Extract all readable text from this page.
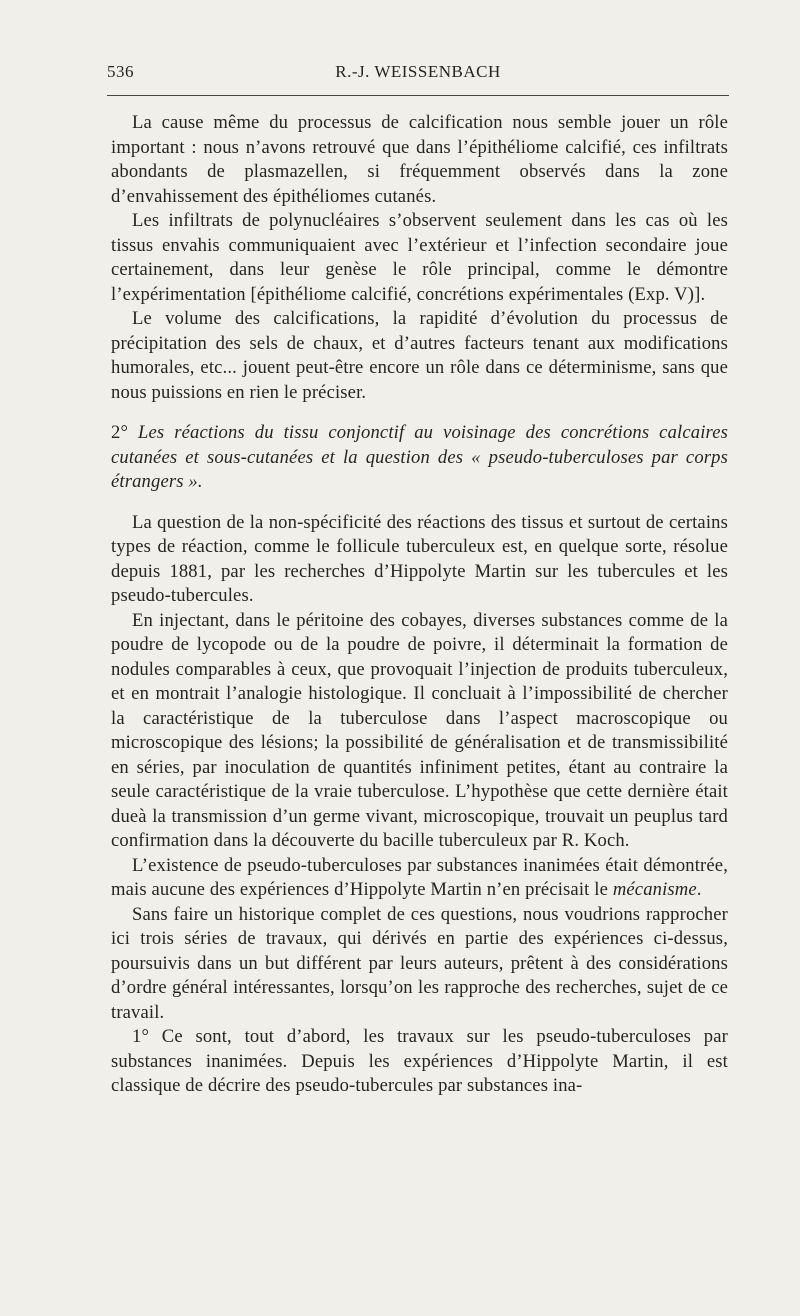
536	R.-J. WEISSENBACH

La cause même du processus de calcification nous semble jouer un rôle important : nous n’avons retrouvé que dans l’épithéliome calcifié, ces infiltrats abondants de plasmazellen, si fréquemment observés dans la zone d’envahissement des épithéliomes cutanés.

Les infiltrats de polynucléaires s’observent seulement dans les cas où les tissus envahis communiquaient avec l’extérieur et l’infection secondaire joue certainement, dans leur genèse le rôle principal, comme le démontre l’expérimentation [épithéliome calcifié, concrétions expérimentales (Exp. V)].

Le volume des calcifications, la rapidité d’évolution du processus de précipitation des sels de chaux, et d’autres facteurs tenant aux modifications humorales, etc... jouent peut-être encore un rôle dans ce déterminisme, sans que nous puissions en rien le préciser.

2° Les réactions du tissu conjonctif au voisinage des concrétions calcaires cutanées et sous-cutanées et la question des « pseudo-tuberculoses par corps étrangers ».

La question de la non-spécificité des réactions des tissus et surtout de certains types de réaction, comme le follicule tuberculeux est, en quelque sorte, résolue depuis 1881, par les recherches d’Hippolyte Martin sur les tubercules et les pseudo-tubercules.

En injectant, dans le péritoine des cobayes, diverses substances comme de la poudre de lycopode ou de la poudre de poivre, il déterminait la formation de nodules comparables à ceux, que provoquait l’injection de produits tuberculeux, et en montrait l’analogie histologique. Il concluait à l’impossibilité de chercher la caractéristique de la tuberculose dans l’aspect macroscopique ou microscopique des lésions; la possibilité de généralisation et de transmissibilité en séries, par inoculation de quantités infiniment petites, étant au contraire la seule caractéristique de la vraie tuberculose. L’hypothèse que cette dernière était dueà la transmission d’un germe vivant, microscopique, trouvait un peuplus tard confirmation dans la découverte du bacille tuberculeux par R. Koch.

L’existence de pseudo-tuberculoses par substances inanimées était démontrée, mais aucune des expériences d’Hippolyte Martin n’en précisait le mécanisme.

Sans faire un historique complet de ces questions, nous voudrions rapprocher ici trois séries de travaux, qui dérivés en partie des expériences ci-dessus, poursuivis dans un but différent par leurs auteurs, prêtent à des considérations d’ordre général intéressantes, lorsqu’on les rapproche des recherches, sujet de ce travail.

1° Ce sont, tout d’abord, les travaux sur les pseudo-tuberculoses par substances inanimées. Depuis les expériences d’Hippolyte Martin, il est classique de décrire des pseudo-tubercules par substances ina-
